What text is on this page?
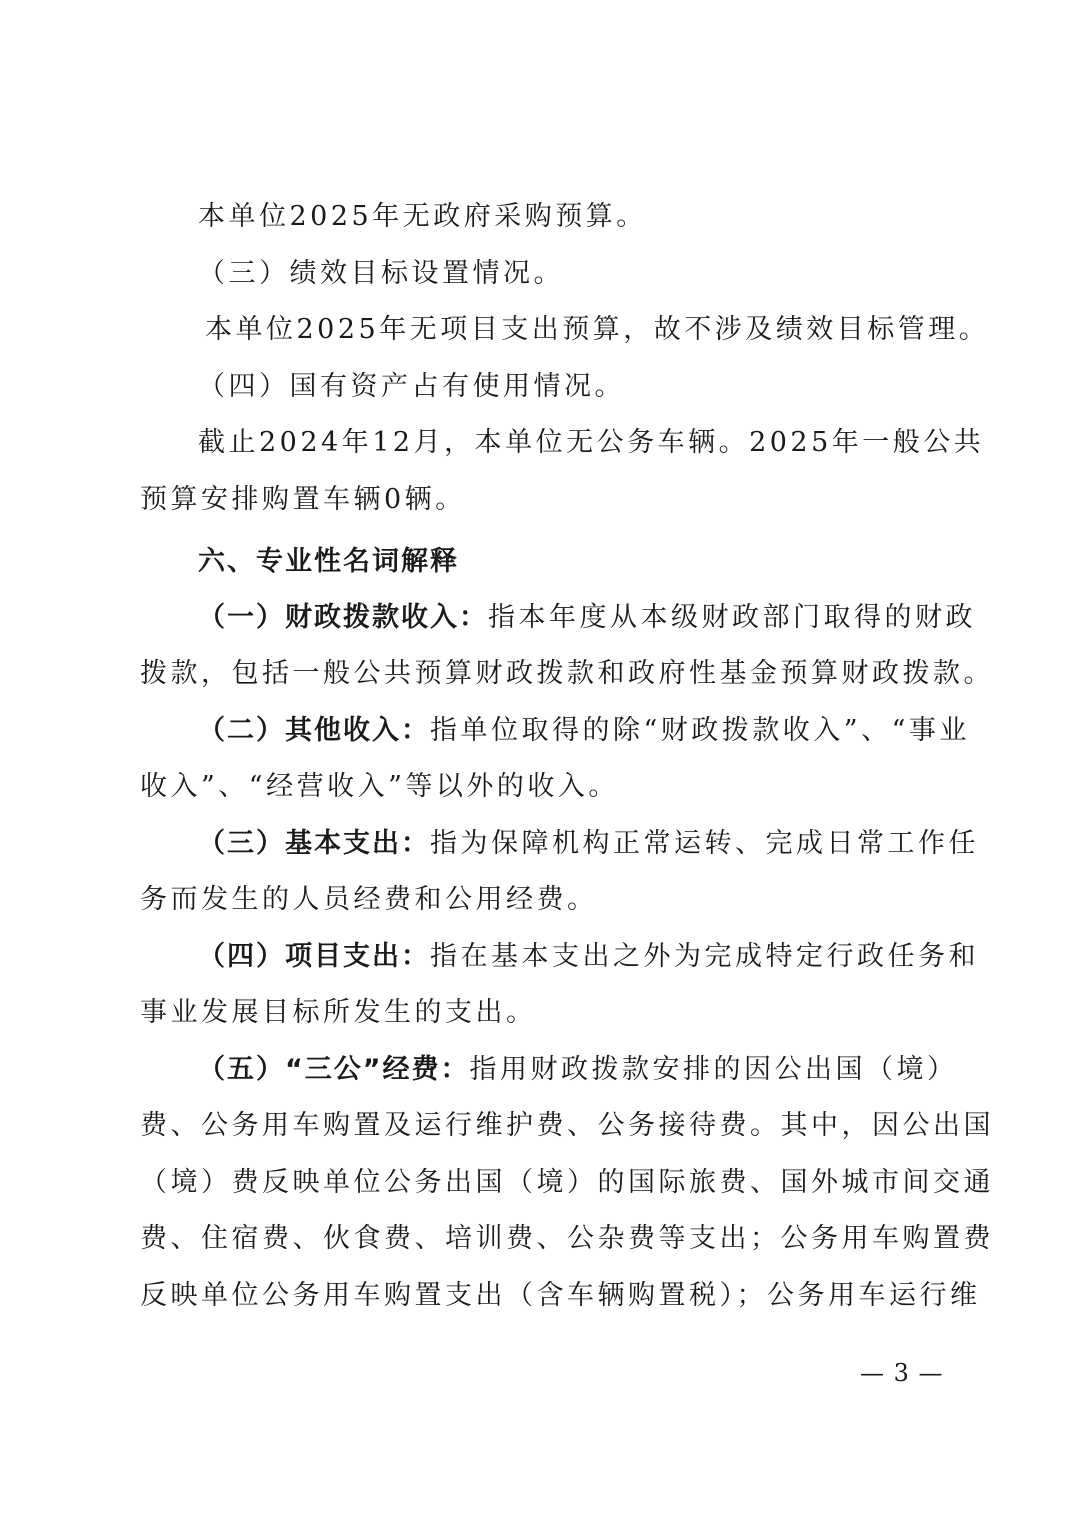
本单位2025年无政府采购预算。
（三）绩效目标设置情况。
本单位2025年无项目支出预算，故不涉及绩效目标管理。
（四）国有资产占有使用情况。
截止2024年12月，本单位无公务车辆。2025年一般公共
预算安排购置车辆0辆。
六、专业性名词解释
（一）财政拨款收入：指本年度从本级财政部门取得的财政
拨款，包括一般公共预算财政拨款和政府性基金预算财政拨款。
（二）其他收入：指单位取得的除“财政拨款收入”、“事业
收入”、“经营收入”等以外的收入。
（三）基本支出：指为保障机构正常运转、完成日常工作任
务而发生的人员经费和公用经费。
（四）项目支出：指在基本支出之外为完成特定行政任务和
事业发展目标所发生的支出。
（五）“三公”经费：指用财政拨款安排的因公出国（境）
费、公务用车购置及运行维护费、公务接待费。其中，因公出国
（境）费反映单位公务出国（境）的国际旅费、国外城市间交通
费、住宿费、伙食费、培训费、公杂费等支出；公务用车购置费
反映单位公务用车购置支出（含车辆购置税）；公务用车运行维
— 3 —
